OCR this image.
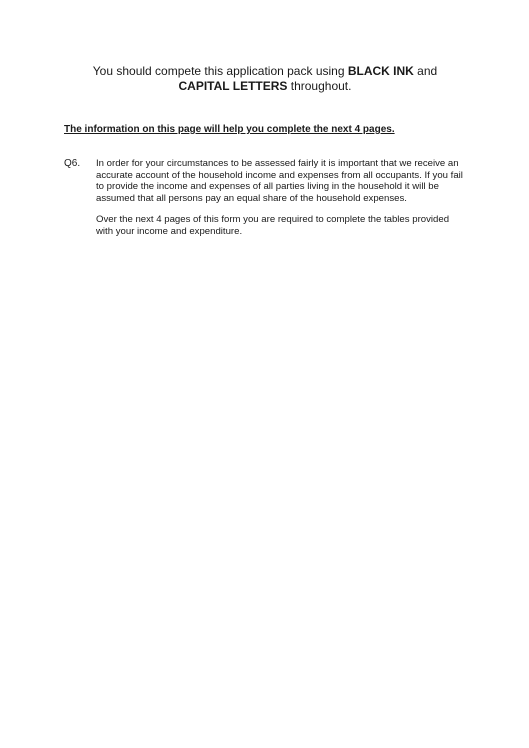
You should compete this application pack using BLACK INK and
CAPITAL LETTERS throughout.
The information on this page will help you complete the next 4 pages.
Q6. In order for your circumstances to be assessed fairly it is important that we receive an accurate account of the household income and expenses from all occupants. If you fail to provide the income and expenses of all parties living in the household it will be assumed that all persons pay an equal share of the household expenses.

Over the next 4 pages of this form you are required to complete the tables provided with your income and expenditure.
